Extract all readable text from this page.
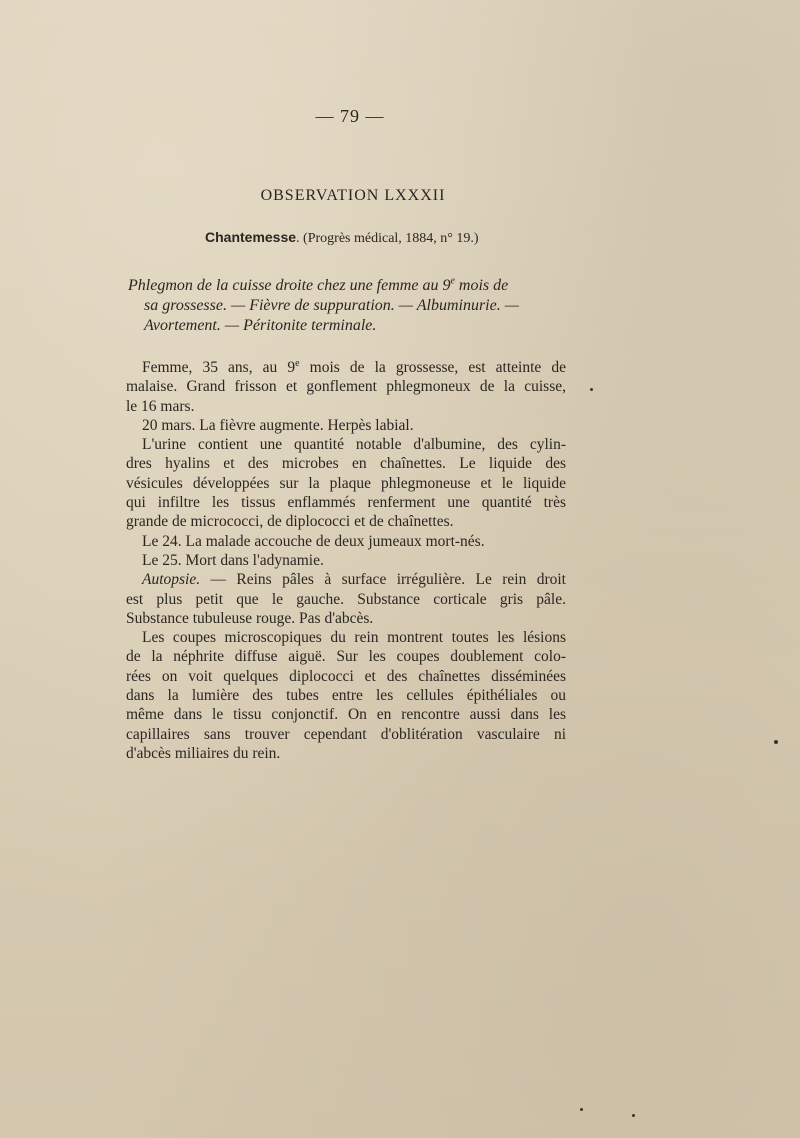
— 79 —
OBSERVATION LXXXII
Chantemesse. (Progrès médical, 1884, n° 19.)
Phlegmon de la cuisse droite chez une femme au 9e mois de
sa grossesse. — Fièvre de suppuration. — Albuminurie. —
Avortement. — Péritonite terminale.
Femme, 35 ans, au 9e mois de la grossesse, est atteinte de
malaise. Grand frisson et gonflement phlegmoneux de la cuisse,
le 16 mars.
20 mars. La fièvre augmente. Herpès labial.
L'urine contient une quantité notable d'albumine, des cylin-
dres hyalins et des microbes en chaînettes. Le liquide des
vésicules développées sur la plaque phlegmoneuse et le liquide
qui infiltre les tissus enflammés renferment une quantité très
grande de micrococci, de diplococci et de chaînettes.
Le 24. La malade accouche de deux jumeaux mort-nés.
Le 25. Mort dans l'adynamie.
Autopsie. — Reins pâles à surface irrégulière. Le rein droit
est plus petit que le gauche. Substance corticale gris pâle.
Substance tubuleuse rouge. Pas d'abcès.
Les coupes microscopiques du rein montrent toutes les lésions
de la néphrite diffuse aiguë. Sur les coupes doublement colo-
rées on voit quelques diplococci et des chaînettes disséminées
dans la lumière des tubes entre les cellules épithéliales ou
même dans le tissu conjonctif. On en rencontre aussi dans les
capillaires sans trouver cependant d'oblitération vasculaire ni
d'abcès miliaires du rein.
